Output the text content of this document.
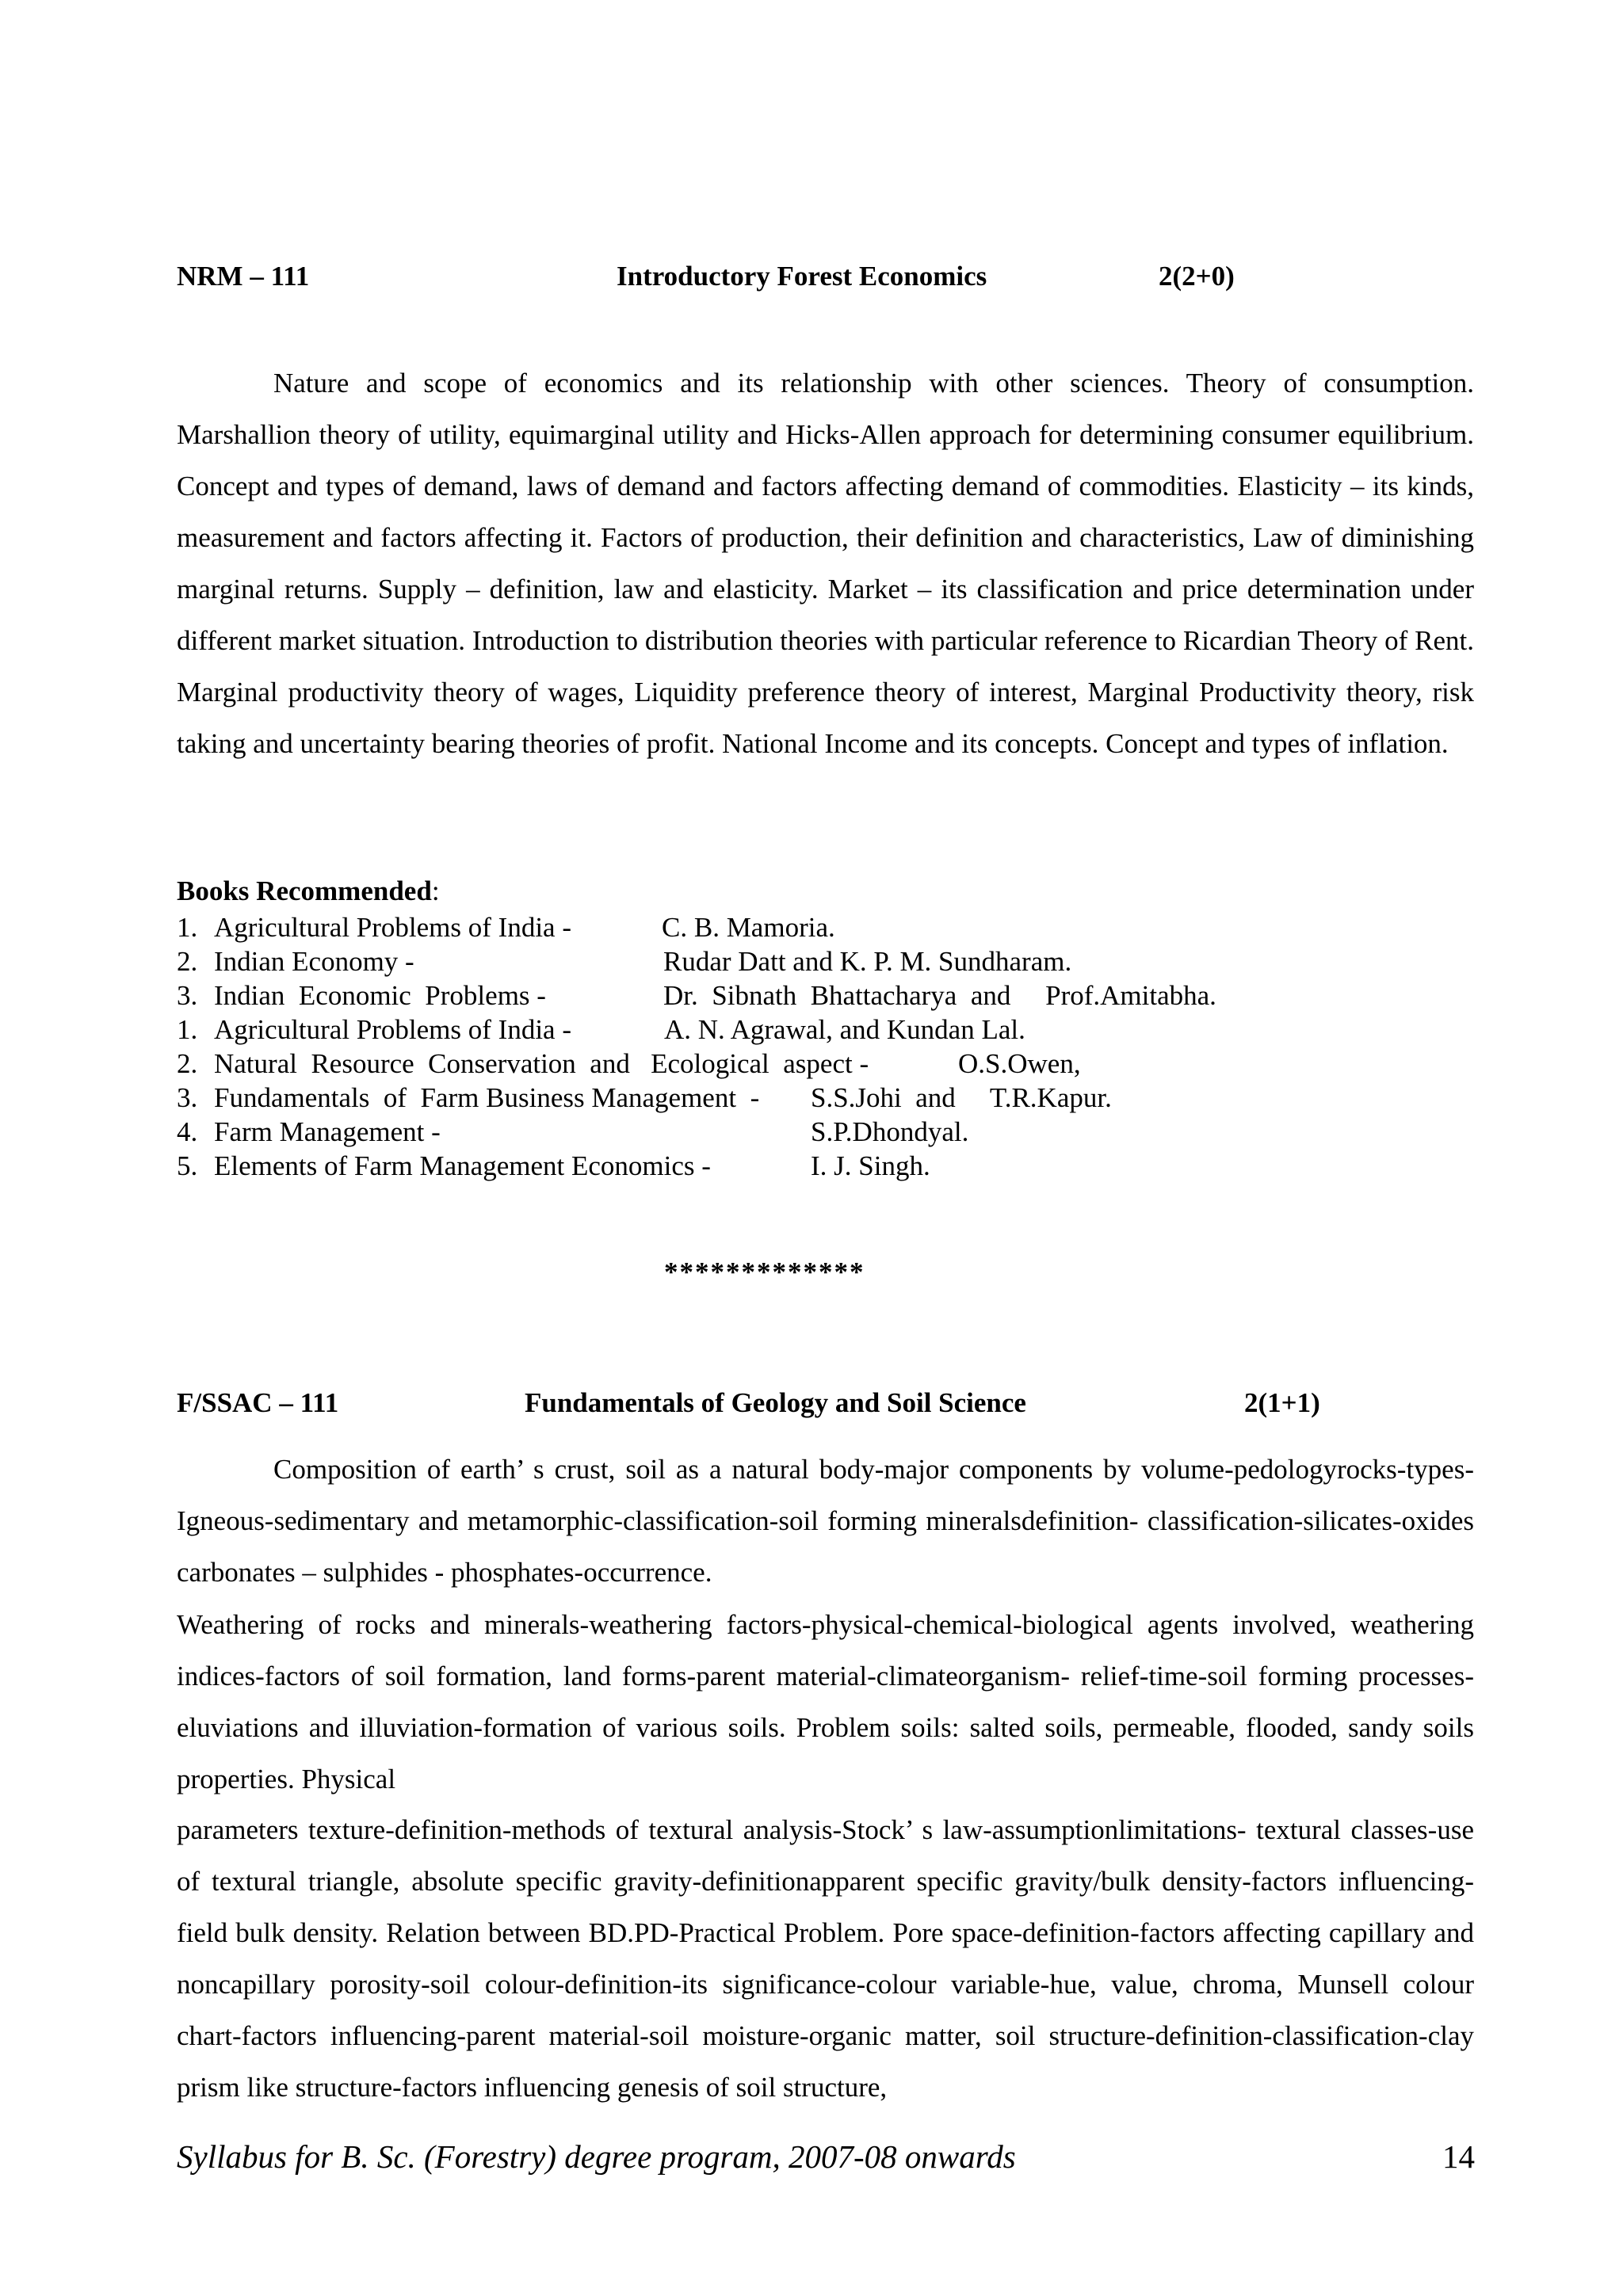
NRM – 111	Introductory Forest Economics	2(2+0)

Nature and scope of economics and its relationship with other sciences. Theory of consumption. Marshallion theory of utility, equimarginal utility and Hicks-Allen approach for determining consumer equilibrium. Concept and types of demand, laws of demand and factors affecting demand of commodities. Elasticity – its kinds, measurement and factors affecting it. Factors of production, their definition and characteristics, Law of diminishing marginal returns. Supply – definition, law and elasticity. Market – its classification and price determination under different market situation. Introduction to distribution theories with particular reference to Ricardian Theory of Rent. Marginal productivity theory of wages, Liquidity preference theory of interest, Marginal Productivity theory, risk taking and uncertainty bearing theories of profit. National Income and its concepts. Concept and types of inflation.

Books Recommended:
1. Agricultural Problems of India -	C. B. Mamoria.
2. Indian Economy -	Rudar Datt and K. P. M. Sundharam.
3. Indian  Economic  Problems -	Dr.  Sibnath  Bhattacharya  and     Prof.Amitabha.
1. Agricultural Problems of India -	A. N. Agrawal, and Kundan Lal.
2. Natural  Resource  Conservation  and   Ecological  aspect -	O.S.Owen,
3. Fundamentals  of  Farm Business Management  - S.S.Johi  and     T.R.Kapur.
4. Farm Management -	S.P.Dhondyal.
5. Elements of Farm Management Economics -	I. J. Singh.
*************
F/SSAC – 111	Fundamentals of Geology and Soil Science	2(1+1)

Composition of earth’ s crust, soil as a natural body-major components by volume-pedologyrocks-types- Igneous-sedimentary and metamorphic-classification-soil forming mineralsdefinition- classification-silicates-oxides carbonates – sulphides - phosphates-occurrence.

Weathering of rocks and minerals-weathering factors-physical-chemical-biological agents involved, weathering indices-factors of soil formation, land forms-parent material-climateorganism- relief-time-soil forming processes-eluviations and illuviation-formation of various soils. Problem soils: salted soils, permeable, flooded, sandy soils properties. Physical

parameters texture-definition-methods of textural analysis-Stock’ s law-assumptionlimitations- textural classes-use of textural triangle, absolute specific gravity-definitionapparent specific gravity/bulk density-factors influencing-field bulk density. Relation between BD.PD-Practical Problem. Pore space-definition-factors affecting capillary and noncapillary porosity-soil colour-definition-its significance-colour variable-hue, value, chroma, Munsell colour chart-factors influencing-parent material-soil moisture-organic matter, soil structure-definition-classification-clay prism like structure-factors influencing genesis of soil structure,

Syllabus for B. Sc. (Forestry) degree program, 2007-08 onwards	14
